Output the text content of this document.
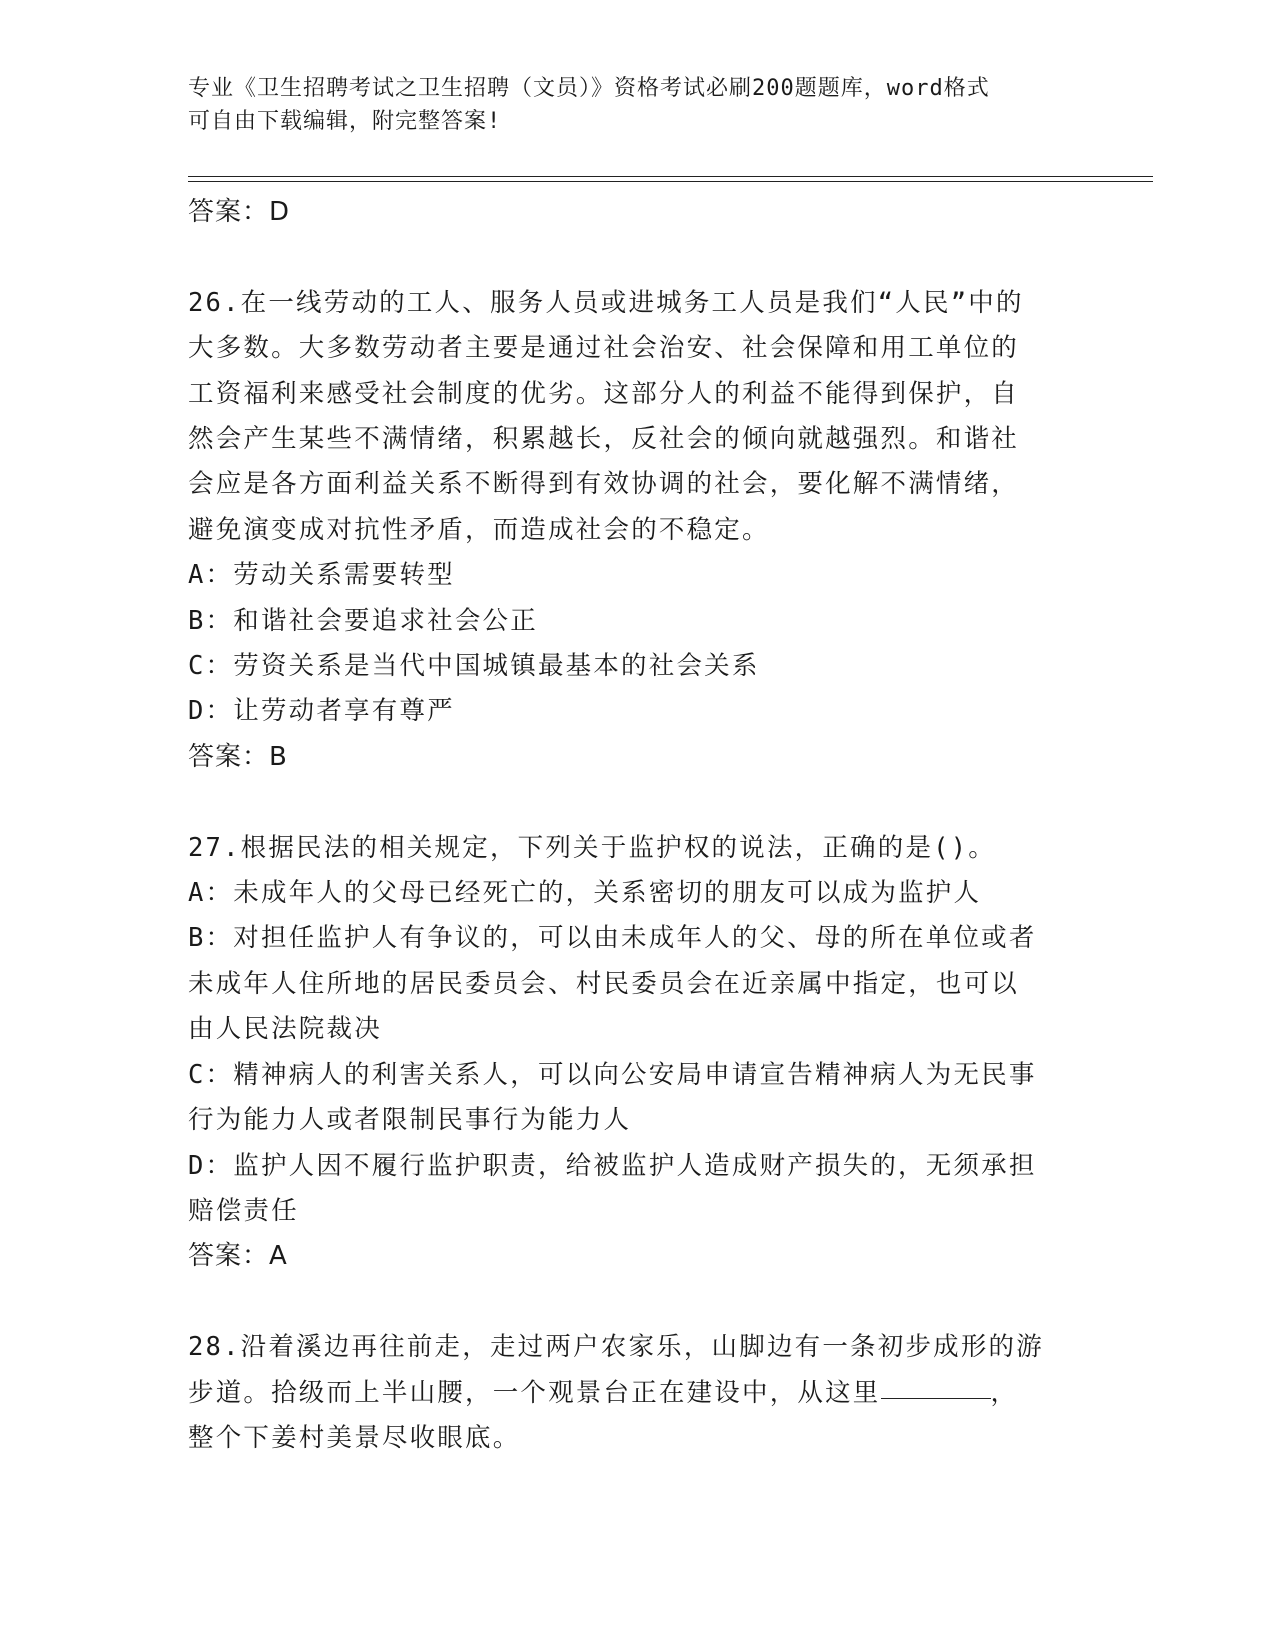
专业《卫生招聘考试之卫生招聘（文员）》资格考试必刷200题题库，word格式
可自由下载编辑，附完整答案!
答案：D
26.在一线劳动的工人、服务人员或进城务工人员是我们“人民”中的
大多数。大多数劳动者主要是通过社会治安、社会保障和用工单位的
工资福利来感受社会制度的优劣。这部分人的利益不能得到保护，自
然会产生某些不满情绪，积累越长，反社会的倾向就越强烈。和谐社
会应是各方面利益关系不断得到有效协调的社会，要化解不满情绪，
避免演变成对抗性矛盾，而造成社会的不稳定。
A：劳动关系需要转型
B：和谐社会要追求社会公正
C：劳资关系是当代中国城镇最基本的社会关系
D：让劳动者享有尊严
答案：B
27.根据民法的相关规定，下列关于监护权的说法，正确的是()。
A：未成年人的父母已经死亡的，关系密切的朋友可以成为监护人
B：对担任监护人有争议的，可以由未成年人的父、母的所在单位或者
未成年人住所地的居民委员会、村民委员会在近亲属中指定，也可以
由人民法院裁决
C：精神病人的利害关系人，可以向公安局申请宣告精神病人为无民事
行为能力人或者限制民事行为能力人
D：监护人因不履行监护职责，给被监护人造成财产损失的，无须承担
赔偿责任
答案：A
28.沿着溪边再往前走，走过两户农家乐，山脚边有一条初步成形的游
步道。拾级而上半山腰，一个观景台正在建设中，从这里	，
整个下姜村美景尽收眼底。
